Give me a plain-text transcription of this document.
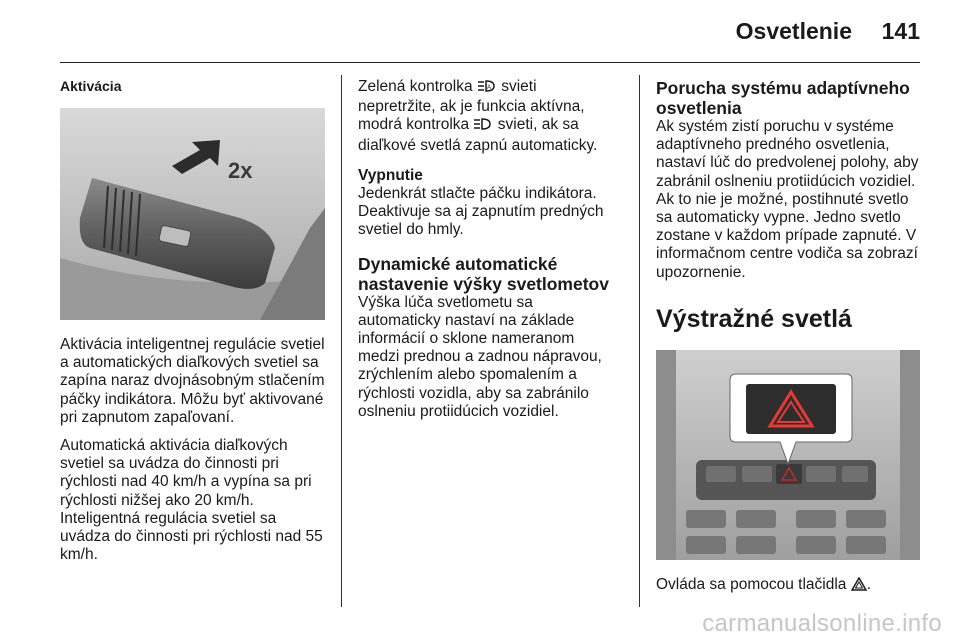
Osvetlenie 141
Aktivácia
2x

Aktivácia inteligentnej regulácie svetiel a automatických diaľkových svetiel sa zapína naraz dvojnásobným stlačením páčky indikátora. Môžu byť aktivované pri zapnutom zapaľovaní.

Automatická aktivácia diaľkových svetiel sa uvádza do činnosti pri rýchlosti nad 40 km/h a vypína sa pri rýchlosti nižšej ako 20 km/h. Inteligentná regulácia svetiel sa uvádza do činnosti pri rýchlosti nad 55 km/h.

Zelená kontrolka A svieti nepretržite, ak je funkcia aktívna, modrá kontrolka svieti, ak sa diaľkové svetlá zapnú automaticky.

Vypnutie

Jedenkrát stlačte páčku indikátora. Deaktivuje sa aj zapnutím predných svetiel do hmly.

Dynamické automatické nastavenie výšky svetlometov

Výška lúča svetlometu sa automaticky nastaví na základe informácií o sklone nameranom medzi prednou a zadnou nápravou, zrýchlením alebo spomalením a rýchlosti vozidla, aby sa zabránilo oslneniu protiidúcich vozidiel.

Porucha systému adaptívneho osvetlenia

Ak systém zistí poruchu v systéme adaptívneho predného osvetlenia, nastaví lúč do predvolenej polohy, aby zabránil oslneniu protiidúcich vozidiel. Ak to nie je možné, postihnuté svetlo sa automaticky vypne. Jedno svetlo zostane v každom prípade zapnuté. V informačnom centre vodiča sa zobrazí upozornenie.

Výstražné svetlá

Ovláda sa pomocou tlačidla .

carmanualsonline.info
